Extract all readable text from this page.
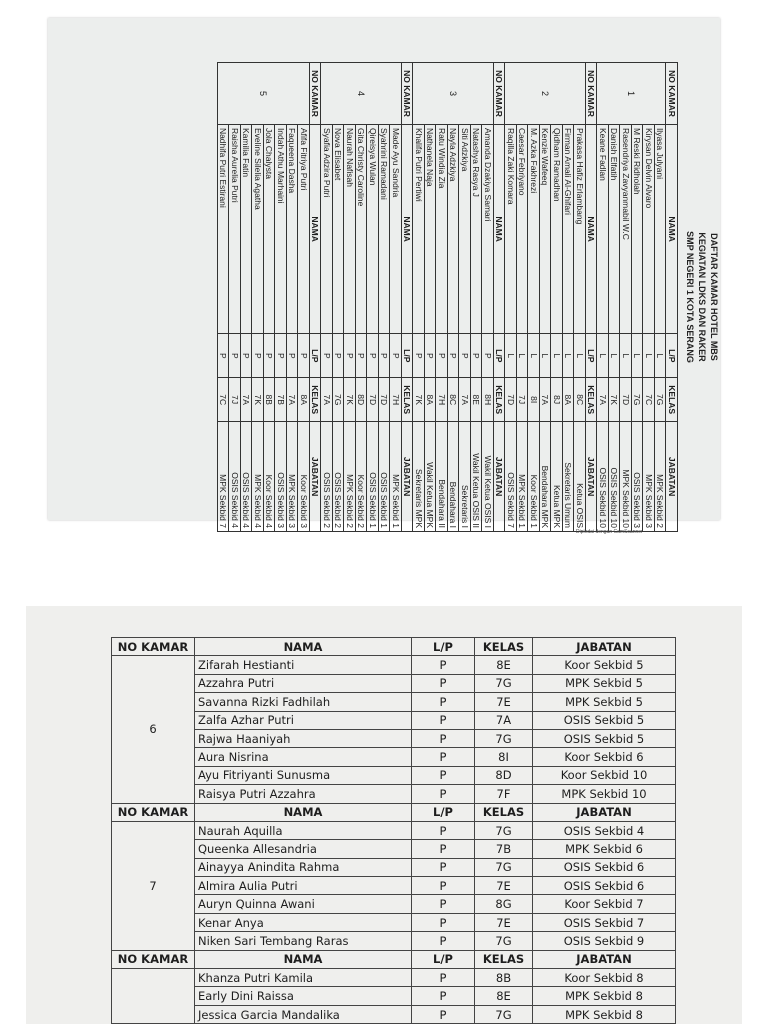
DAFTAR KAMAR HOTEL MBS
KEGIATAN LDKS DAN RAKER
SMP NEGERI 1 KOTA SERANG
NO KAMAR	NAMA	L/P	KELAS	JABATAN
1	Ilyasa Julyani	L	7G	MPK Sekbid 2
	Kirysan Delvin Alvaro	L	7C	MPK Sekbid 3
	M Reski Ridholah	L	7G	OSIS Sekbid 3
	Rasendriya Zavyanmabil W.C	L	7D	MPK Sekbid 10
	Danish Elfatih	L	7K	OSIS Sekbid 10
	Keane Fadlan	L	7A	OSIS Sekbid 10
NO KAMAR	NAMA	L/P	KELAS	JABATAN
2	Prakasa Hafiz Erlambang	L	8C	Ketua OSIS
	Firman Amali Al-Ghifari	L	8A	Sekretaris Umum
	Qidham Ramadhan	L	8J	Ketua MPK
	Kenzie Wafeeq	L	7A	Bendahara MPK
	M. Azka Fakhrezi	L	8I	Koor Sekbid 1
	Caesar Febriyano	L	7J	MPK Sekbid 1
	Raqilla Zaki Komara	L	7D	OSIS Sekbid 7
NO KAMAR	NAMA	L/P	KELAS	JABATAN
3	Amanda Dzakiya Samari	P	8H	Wakil Ketua OSIS I
	Natashya Rasya J	P	8E	Wakil Ketua OSIS II
	Siti Adzkiya	P	7A	Sekretaris I
	Nayla Adzkiya	P	8C	Bendahara I
	Ratu Windia Zia	P	7H	Bendahara II
	Nathanela Naja	P	8A	Wakil Ketua MPK
	Khalifa Putri Pertiwi	P	7K	Sekretaris MPK
NO KAMAR	NAMA	L/P	KELAS	JABATAN
4	Made Ayu Sandria	P	7H	MPK Sekbid 1
	Syahrini Ramadani	P	7D	OSIS Sekbid 1
	Qireisya Wulan	P	7D	OSIS Sekbid 1
	Gita Christy Caroline	P	8D	Koor Sekbid 2
	Naurah Nafisah	P	7K	MPK Sekbid 2
	Nova Elisabet	P	7G	OSIS Sekbid 2
	Syafia Adzira Putri	P	7A	OSIS Sekbid 2
NO KAMAR	NAMA	L/P	KELAS	JABATAN
5	Afifa Fitriya Putri	P	8A	Koor Sekbid 3
	Faqueena Dasha	P	7A	MPK Sekbid 3
	Indah Athu Marhaini	P	7B	OSIS Sekbid 3
	Jola Chalysta	P	8B	Koor Sekbid 4
	Eveline Silelia Agatha	P	7K	MPK Sekbid 4
	Kamilia Fatin	P	7A	OSIS Sekbid 4
	Raisha Aurelia Putri	P	7J	OSIS Sekbid 4
	Nadhifa Putri Estirani	P	7C	MPK Sekbid 7
Dipindai dengan CamScanner
NO KAMAR	NAMA	L/P	KELAS	JABATAN
6	Zifarah Hestianti	P	8E	Koor Sekbid 5
	Azzahra Putri	P	7G	MPK Sekbid 5
	Savanna Rizki Fadhilah	P	7E	MPK Sekbid 5
	Zalfa Azhar Putri	P	7A	OSIS Sekbid 5
	Rajwa Haaniyah	P	7G	OSIS Sekbid 5
	Aura Nisrina	P	8I	Koor Sekbid 6
	Ayu Fitriyanti Sunusma	P	8D	Koor Sekbid 10
	Raisya Putri Azzahra	P	7F	MPK Sekbid 10
NO KAMAR	NAMA	L/P	KELAS	JABATAN
7	Naurah Aquilla	P	7G	OSIS Sekbid 4
	Queenka Allesandria	P	7B	MPK Sekbid 6
	Ainayya Anindita Rahma	P	7G	OSIS Sekbid 6
	Almira Aulia Putri	P	7E	OSIS Sekbid 6
	Auryn Quinna Awani	P	8G	Koor Sekbid 7
	Kenar Anya	P	7E	OSIS Sekbid 7
	Niken Sari Tembang Raras	P	7G	OSIS Sekbid 9
NO KAMAR	NAMA	L/P	KELAS	JABATAN
	Khanza Putri Kamila	P	8B	Koor Sekbid 8
	Early Dini Raissa	P	8E	MPK Sekbid 8
	Jessica Garcia Mandalika	P	7G	MPK Sekbid 8
